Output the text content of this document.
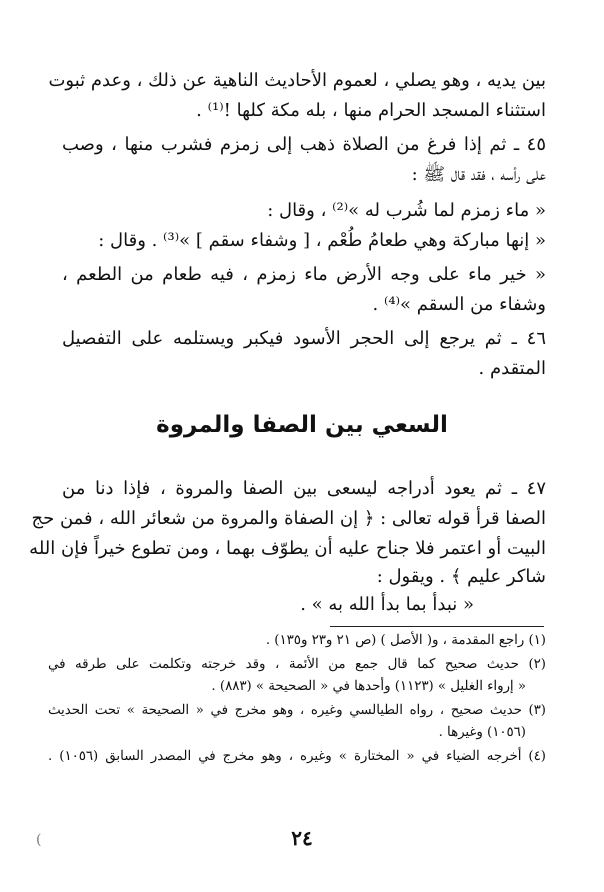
بين يديه ، وهو يصلي ، لعموم الأحاديث الناهية عن ذلك ، وعدم ثبوت
استثناء المسجد الحرام منها ، بله مكة كلها !⁽¹⁾ .
٤٥ ـ ثم إذا فرغ من الصلاة ذهب إلى زمزم فشرب منها ، وصب
على رأسه ، فقد قال ﷺ :
« ماء زمزم لما شُرب له »⁽²⁾ ، وقال :
« إنها مباركة وهي طعامُ طُعْم ، [ وشفاء سقم ] »⁽³⁾ . وقال :
« خير ماء على وجه الأرض ماء زمزم ، فيه طعام من الطعم ،
وشفاء من السقم »⁽⁴⁾ .
٤٦ ـ ثم يرجع إلى الحجر الأسود فيكبر ويستلمه على التفصيل
المتقدم .
السعي بين الصفا والمروة
٤٧ ـ ثم يعود أدراجه ليسعى بين الصفا والمروة ، فإذا دنا من
الصفا قرأ قوله تعالى : ﴿ إن الصفاة والمروة من شعائر الله ، فمن حج
البيت أو اعتمر فلا جناح عليه أن يطوّف بهما ، ومن تطوع خيراً فإن الله
شاكر عليم ﴾ . ويقول :
« نبدأ بما بدأ الله به » .
(١) راجع المقدمة ، و( الأصل ) (ص ٢١ و٢٣ و١٣٥) .
(٢) حديث صحيح كما قال جمع من الأئمة ، وقد خرجته وتكلمت على طرقه في
« إرواء الغليل » (١١٢٣) وأحدها في « الصحيحة » (٨٨٣) .
(٣) حديث صحيح ، رواه الطيالسي وغيره ، وهو مخرج في « الصحيحة » تحت الحديث
(١٠٥٦) وغيرها .
(٤) أخرجه الضياء في « المختارة » وغيره ، وهو مخرج في المصدر السابق (١٠٥٦) .
٢٤
(
